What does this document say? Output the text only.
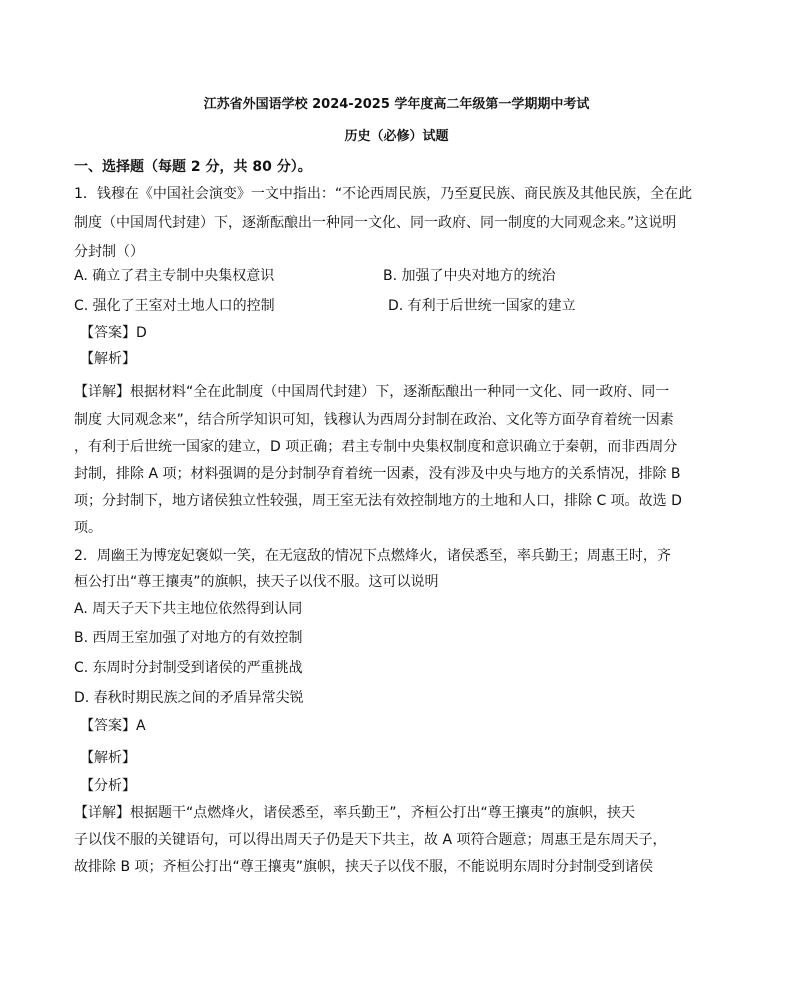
江苏省外国语学校 2024-2025 学年度高二年级第一学期期中考试
历史（必修）试题
一、选择题（每题 2 分，共 80 分）。
1．钱穆在《中国社会演变》一文中指出：“不论西周民族，乃至夏民族、商民族及其他民族，全在此
制度（中国周代封建）下，逐渐酝酿出一种同一文化、同一政府、同一制度的大同观念来。”这说明
分封制（）
A. 确立了君主专制中央集权意识	B. 加强了中央对地方的统治
C. 强化了王室对土地人口的控制	D. 有利于后世统一国家的建立
【答案】D
【解析】
【详解】根据材料“全在此制度（中国周代封建）下，逐渐酝酿出一种同一文化、同一政府、同一
制度 大同观念来”，结合所学知识可知，钱穆认为西周分封制在政治、文化等方面孕育着统一因素
，有利于后世统一国家的建立，D 项正确；君主专制中央集权制度和意识确立于秦朝，而非西周分
封制，排除 A 项；材料强调的是分封制孕育着统一因素，没有涉及中央与地方的关系情况，排除 B
项；分封制下，地方诸侯独立性较强，周王室无法有效控制地方的土地和人口，排除 C 项。故选 D
项。
2．周幽王为博宠妃褒姒一笑，在无寇敌的情况下点燃烽火，诸侯悉至，率兵勤王；周惠王时，齐
桓公打出“尊王攘夷”的旗帜，挟天子以伐不服。这可以说明
A. 周天子天下共主地位依然得到认同
B. 西周王室加强了对地方的有效控制
C. 东周时分封制受到诸侯的严重挑战
D. 春秋时期民族之间的矛盾异常尖锐
【答案】A
【解析】
【分析】
【详解】根据题干“点燃烽火，诸侯悉至，率兵勤王”，齐桓公打出“尊王攘夷”的旗帜，挟天
子以伐不服的关键语句，可以得出周天子仍是天下共主，故 A 项符合题意；周惠王是东周天子，
故排除 B 项；齐桓公打出“尊王攘夷”旗帜，挟天子以伐不服，不能说明东周时分封制受到诸侯
